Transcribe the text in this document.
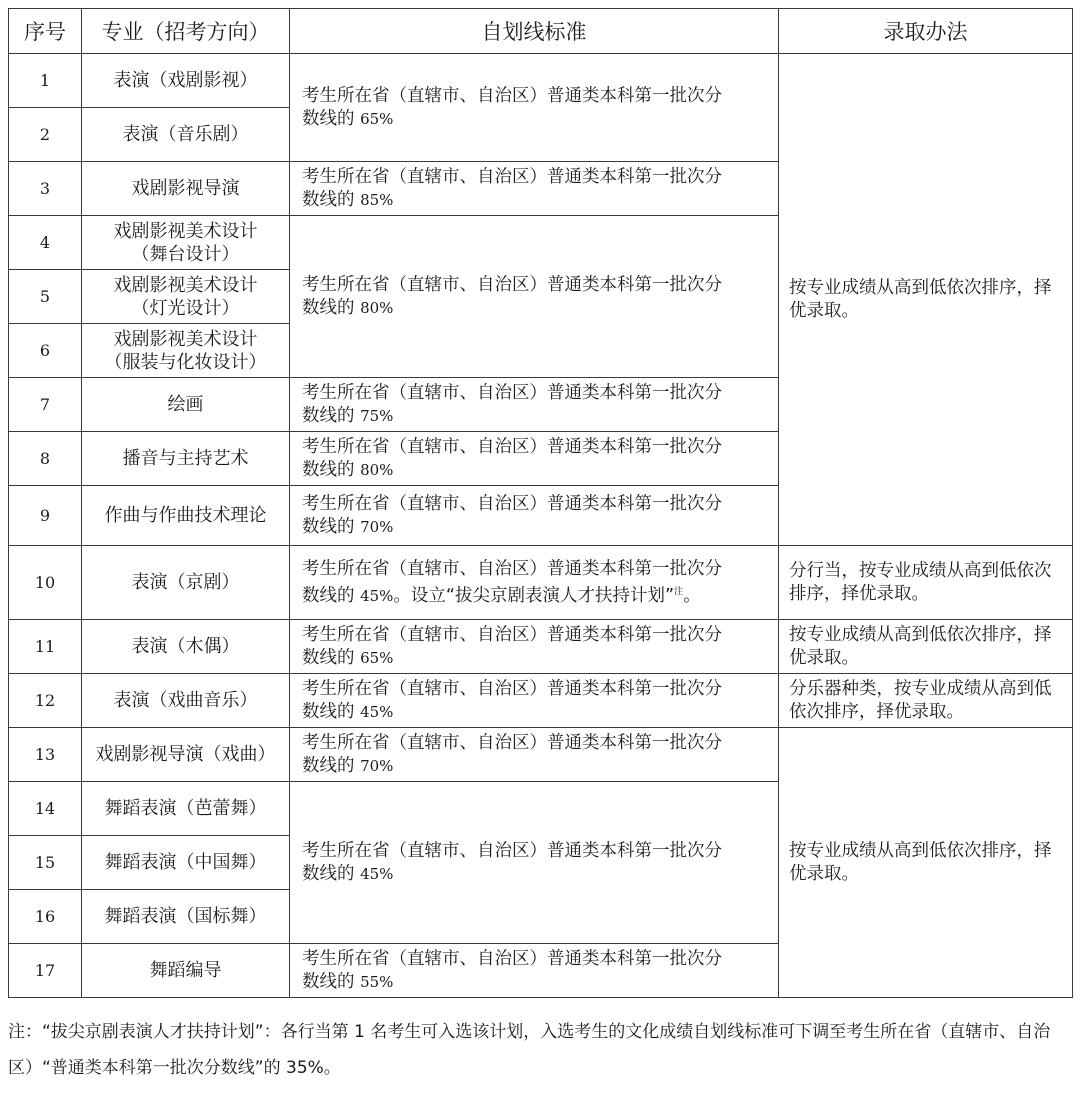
序号	专业（招考方向）	自划线标准	录取办法
1	表演（戏剧影视）	考生所在省（直辖市、自治区）普通类本科第一批次分
数线的 65%	按专业成绩从高到低依次排序，择优录取。
2	表演（音乐剧）		
3	戏剧影视导演	考生所在省（直辖市、自治区）普通类本科第一批次分
数线的 85%	
4	戏剧影视美术设计
（舞台设计）	考生所在省（直辖市、自治区）普通类本科第一批次分
数线的 80%	
5	戏剧影视美术设计
（灯光设计）		
6	戏剧影视美术设计
（服装与化妆设计）		
7	绘画	考生所在省（直辖市、自治区）普通类本科第一批次分
数线的 75%	
8	播音与主持艺术	考生所在省（直辖市、自治区）普通类本科第一批次分
数线的 80%	
9	作曲与作曲技术理论	考生所在省（直辖市、自治区）普通类本科第一批次分
数线的 70%	
10	表演（京剧）	考生所在省（直辖市、自治区）普通类本科第一批次分
数线的 45%。设立“拔尖京剧表演人才扶持计划”$^注$。	分行当，按专业成绩从高到低依次排序，择优录取。
11	表演（木偶）	考生所在省（直辖市、自治区）普通类本科第一批次分
数线的 65%	按专业成绩从高到低依次排序，择优录取。
12	表演（戏曲音乐）	考生所在省（直辖市、自治区）普通类本科第一批次分
数线的 45%	分乐器种类，按专业成绩从高到低依次排序，择优录取。
13	戏剧影视导演（戏曲）	考生所在省（直辖市、自治区）普通类本科第一批次分
数线的 70%	按专业成绩从高到低依次排序，择优录取。
14	舞蹈表演（芭蕾舞）	考生所在省（直辖市、自治区）普通类本科第一批次分
数线的 45%	
15	舞蹈表演（中国舞）		
16	舞蹈表演（国标舞）		
17	舞蹈编导	考生所在省（直辖市、自治区）普通类本科第一批次分
数线的 55%	
注：“拔尖京剧表演人才扶持计划”：各行当第 1 名考生可入选该计划，入选考生的文化成绩自划线标准可下调至考生所在省（直辖市、自治区）“普通类本科第一批次分数线”的 35%。
